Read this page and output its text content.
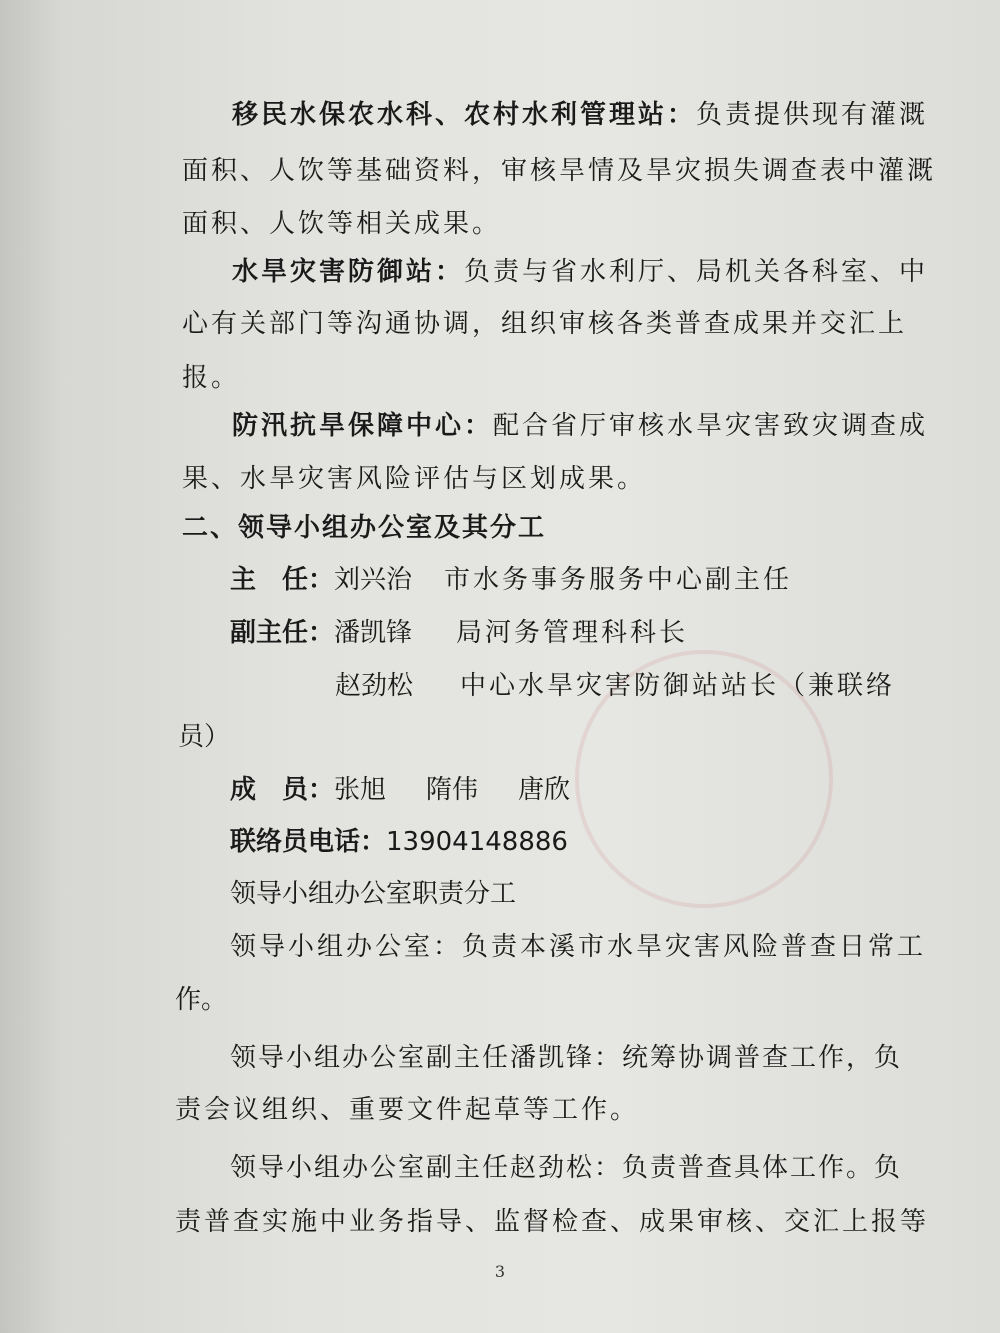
移民水保农水科、农村水利管理站：负责提供现有灌溉
面积、人饮等基础资料，审核旱情及旱灾损失调查表中灌溉
面积、人饮等相关成果。
水旱灾害防御站：负责与省水利厅、局机关各科室、中
心有关部门等沟通协调，组织审核各类普查成果并交汇上
报。
防汛抗旱保障中心：配合省厅审核水旱灾害致灾调查成
果、水旱灾害风险评估与区划成果。
二、领导小组办公室及其分工
主　任：刘兴治 市水务事务服务中心副主任
副主任：潘凯锋 局河务管理科科长
赵劲松 中心水旱灾害防御站站长（兼联络
员）
成　员：张旭 隋伟 唐欣
联络员电话：13904148886
领导小组办公室职责分工
领导小组办公室：负责本溪市水旱灾害风险普查日常工
作。
领导小组办公室副主任潘凯锋：统筹协调普查工作，负
责会议组织、重要文件起草等工作。
领导小组办公室副主任赵劲松：负责普查具体工作。负
责普查实施中业务指导、监督检查、成果审核、交汇上报等
3
